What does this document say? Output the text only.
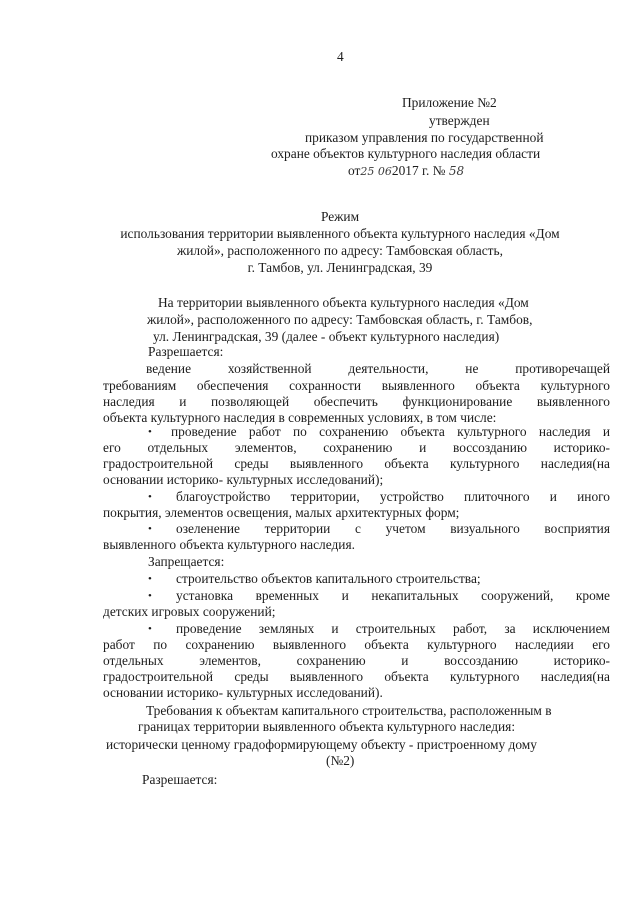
4
Приложение №2
утвержден
приказом управления по государственной
охране объектов культурного наследия области
от25 062017 г. № 58
Режим
использования территории выявленного объекта культурного наследия «Дом
жилой», расположенного по адресу: Тамбовская область,
г. Тамбов, ул. Ленинградская, 39
На территории выявленного объекта культурного наследия «Дом
жилой», расположенного по адресу: Тамбовская область, г. Тамбов,
ул. Ленинградская, 39 (далее - объект культурного наследия)
Разрешается:
ведение хозяйственной деятельности, не противоречащей
требованиям обеспечения сохранности выявленного объекта культурного
наследия и позволяющей обеспечить функционирование выявленного
объекта культурного наследия в современных условиях, в том числе:
• проведение работ по сохранению объекта культурного наследия и
его отдельных элементов, сохранению и воссозданию историко-
градостроительной среды выявленного объекта культурного наследия(на
основании историко- культурных исследований);
• благоустройство территории, устройство плиточного и иного
покрытия, элементов освещения, малых архитектурных форм;
• озеленение территории с учетом визуального восприятия
выявленного объекта культурного наследия.
Запрещается:
• строительство объектов капитального строительства;
• установка временных и некапитальных сооружений, кроме
детских игровых сооружений;
• проведение земляных и строительных работ, за исключением
работ по сохранению выявленного объекта культурного наследияи его
отдельных элементов, сохранению и воссозданию историко-
градостроительной среды выявленного объекта культурного наследия(на
основании историко- культурных исследований).
Требования к объектам капитального строительства, расположенным в
границах территории выявленного объекта культурного наследия:
исторически ценному градоформирующему объекту - пристроенному дому
(№2)
Разрешается:
